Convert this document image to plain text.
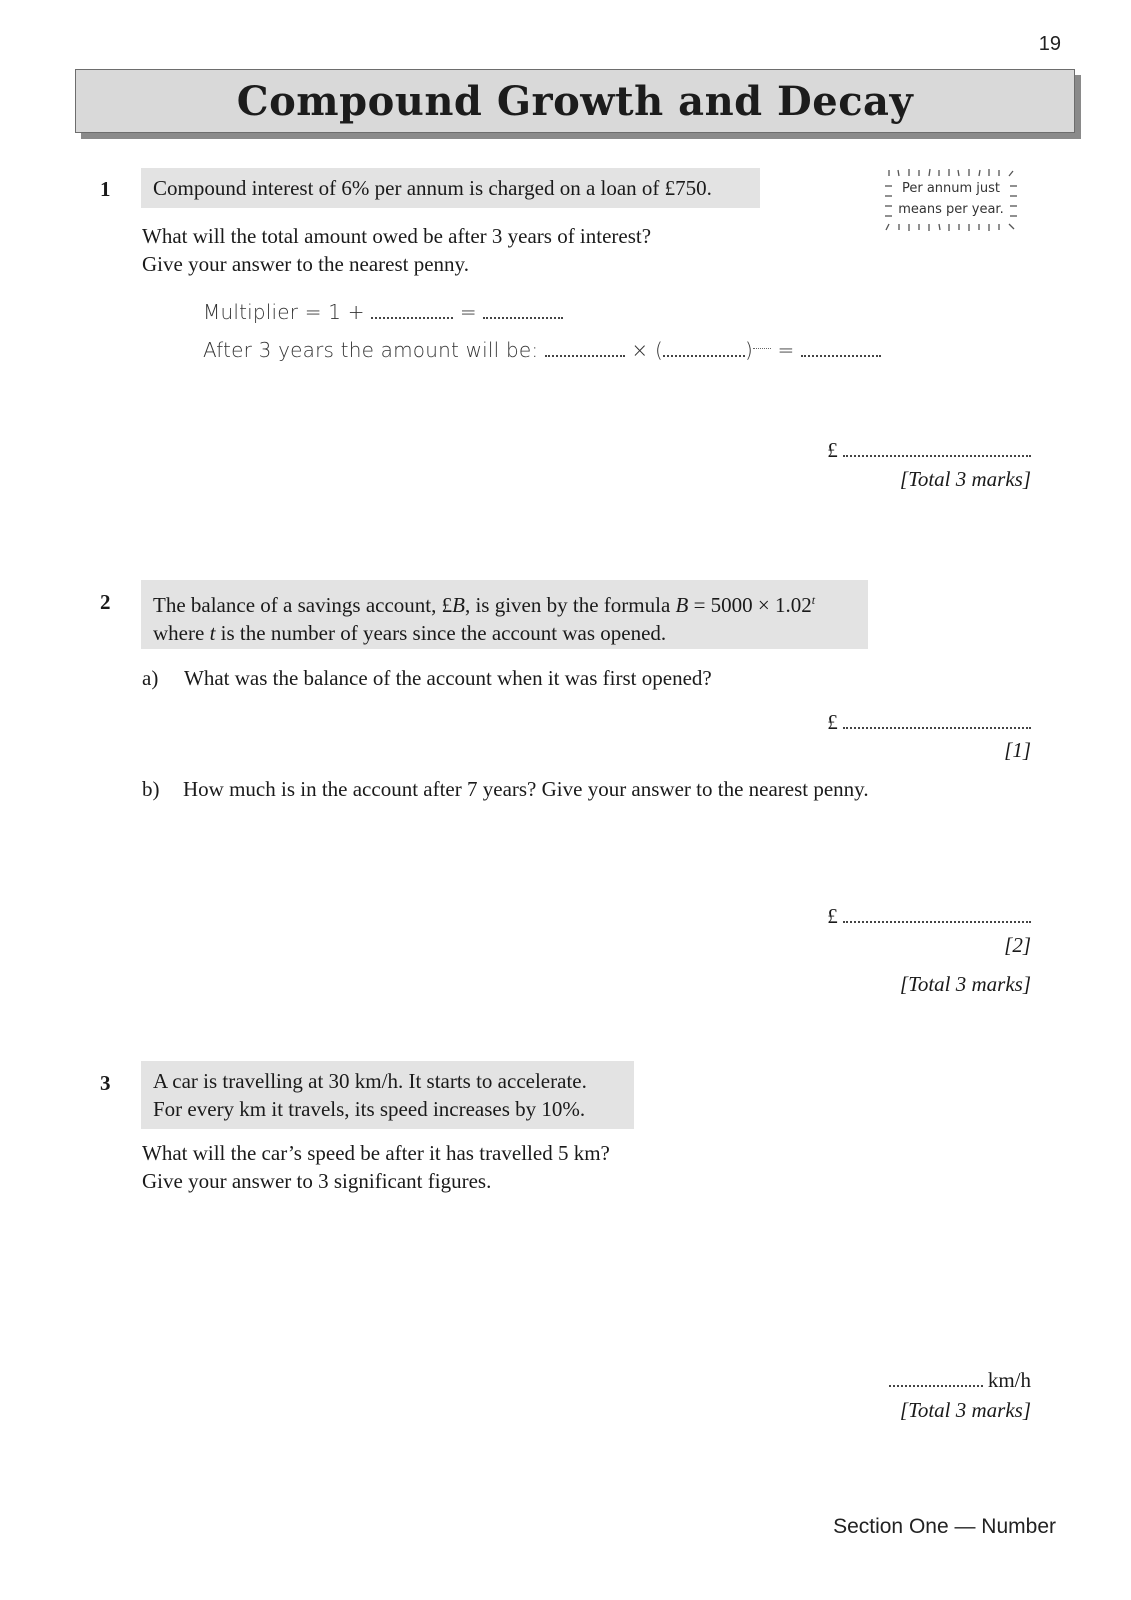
19
Compound Growth and Decay
Per annum just
means per year.
1	Compound interest of 6% per annum is charged on a loan of £750.
What will the total amount owed be after 3 years of interest?
Give your answer to the nearest penny.
Multiplier = 1 +	=
After 3 years the amount will be:	× (	) =
£
[Total 3 marks]
2 The balance of a savings account, £B, is given by the formula $B = 5000 \times 1.02^t$
where t is the number of years since the account was opened.
a) What was the balance of the account when it was first opened?
£
[1]
b) How much is in the account after 7 years? Give your answer to the nearest penny.
£
[2]
[Total 3 marks]
3 A car is travelling at 30 km/h. It starts to accelerate.
For every km it travels, its speed increases by 10%.
What will the car’s speed be after it has travelled 5 km?
Give your answer to 3 significant figures.
km/h
[Total 3 marks]
Section One — Number
